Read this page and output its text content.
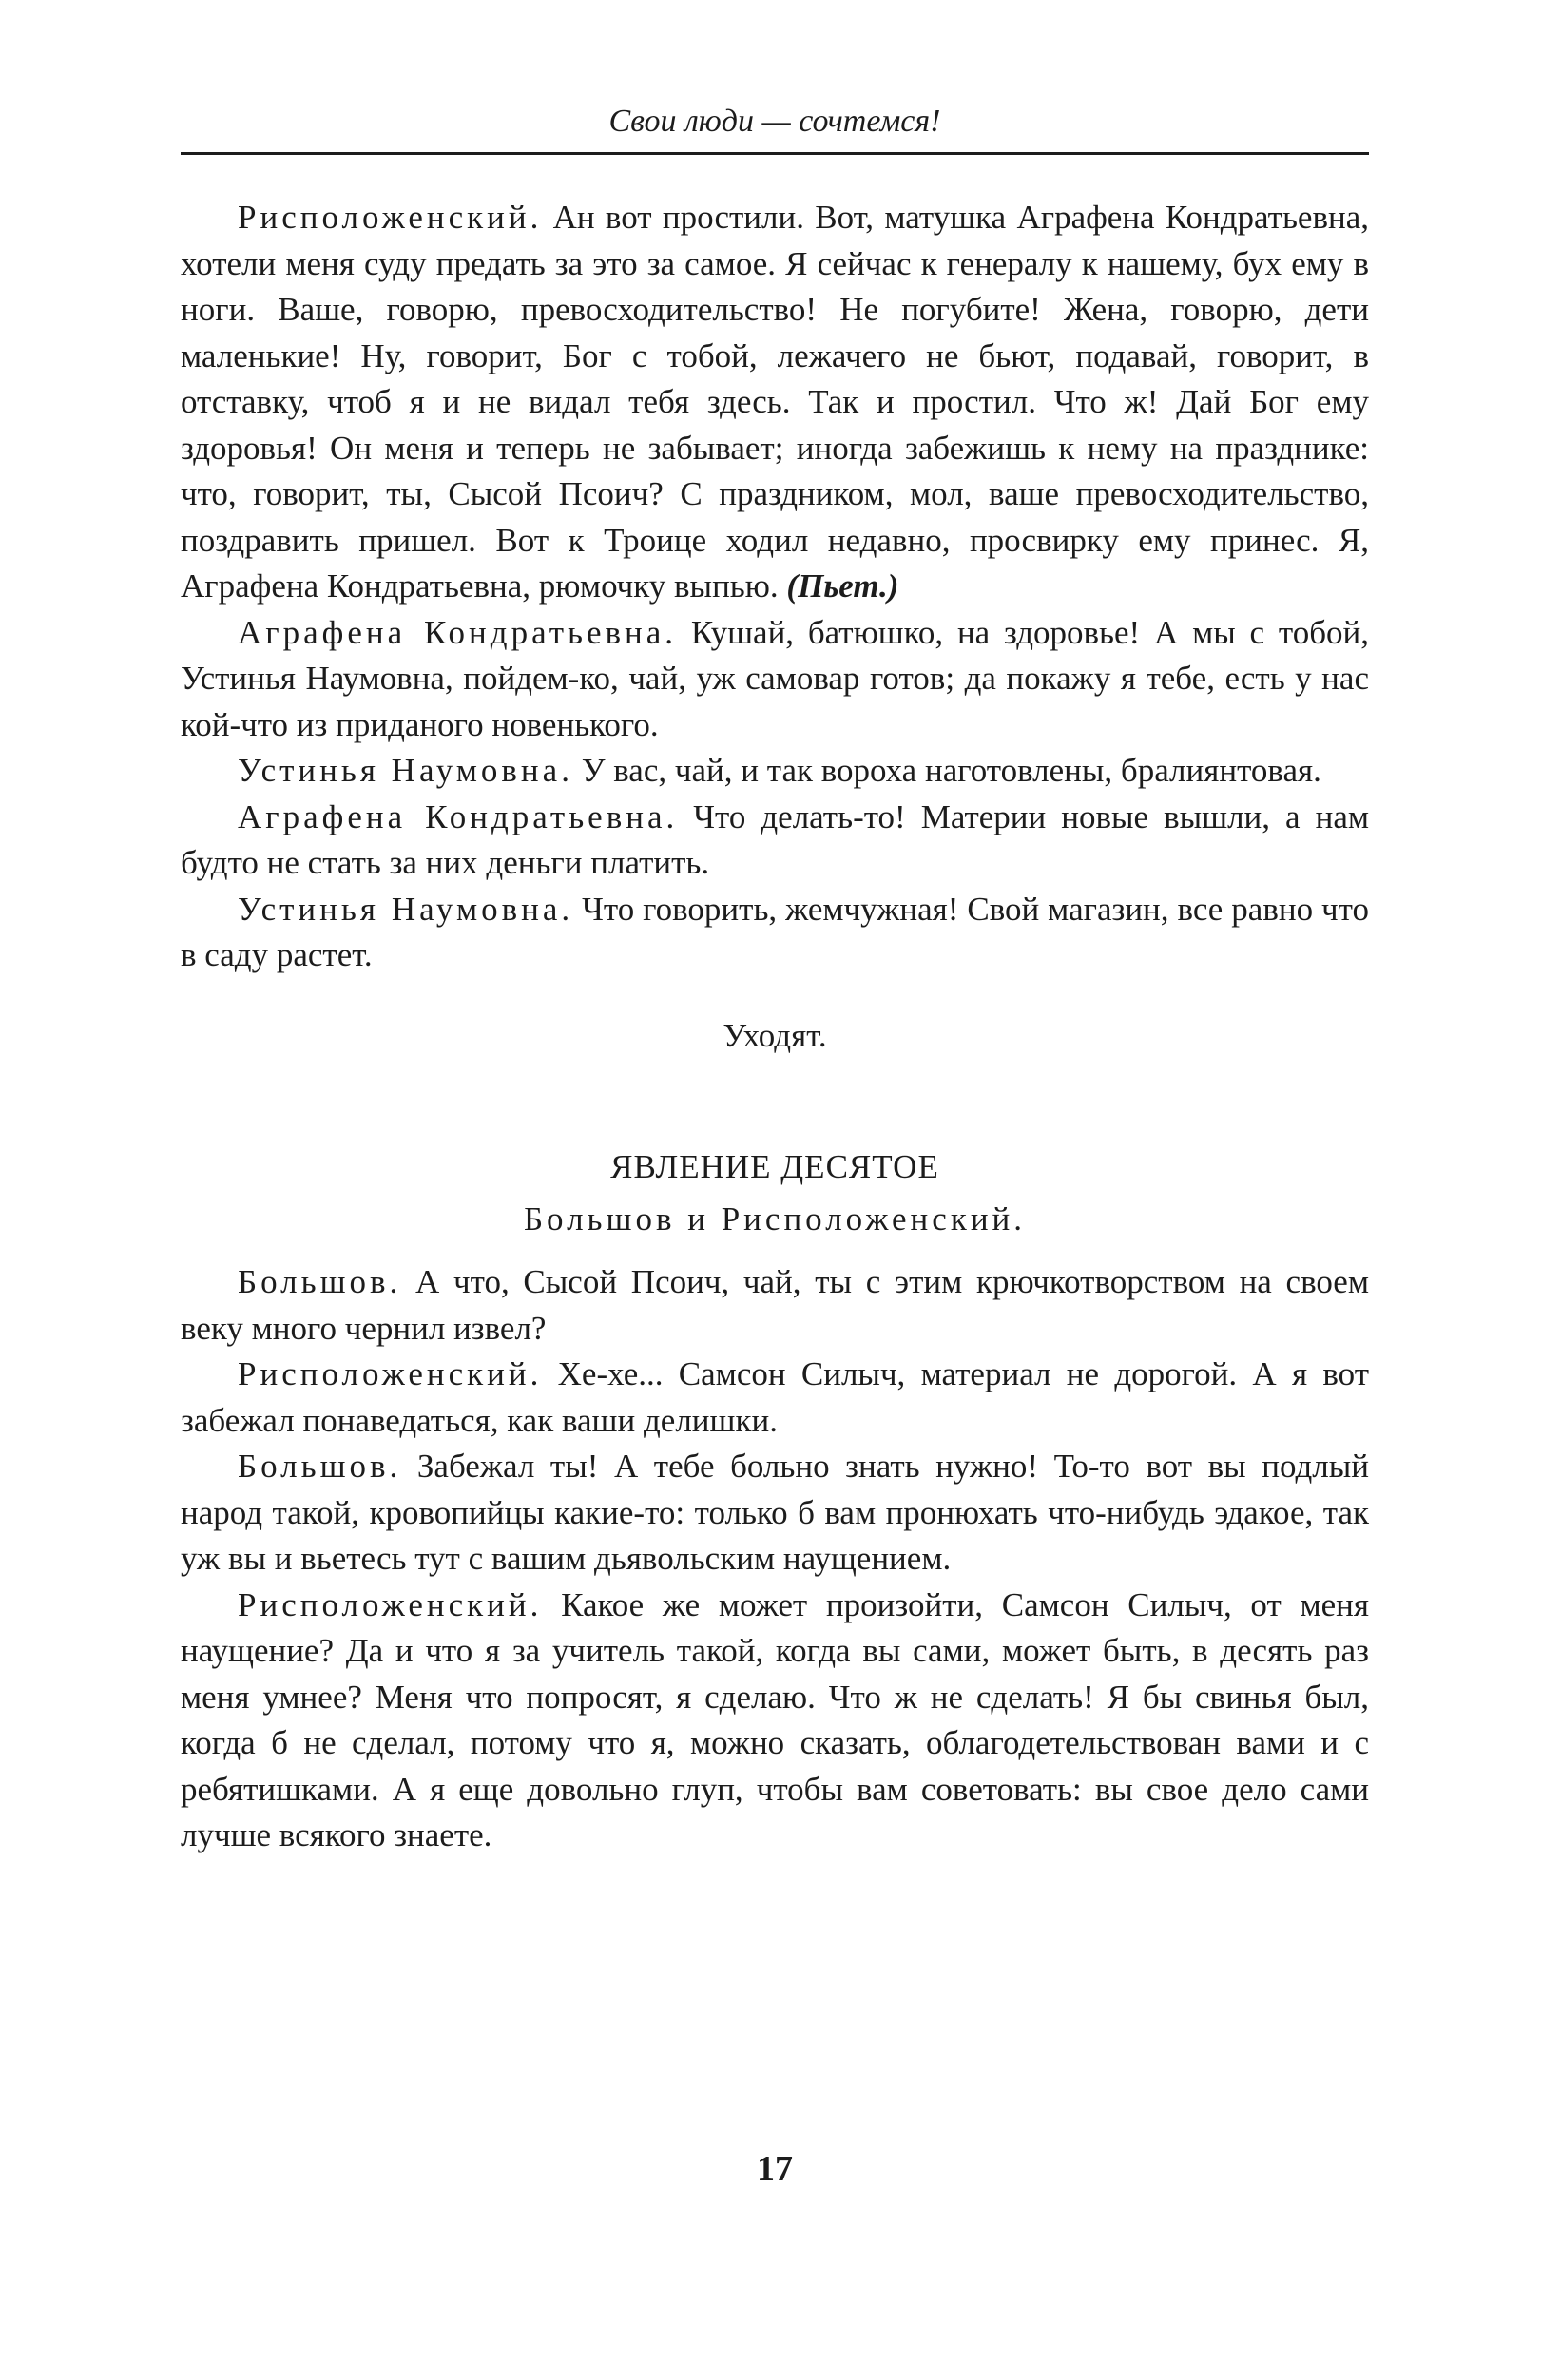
Свои люди — сочтемся!

Рисположенский. Ан вот простили. Вот, матушка Аграфена Кондратьевна, хотели меня суду предать за это за самое. Я сейчас к генералу к нашему, бух ему в ноги. Ваше, говорю, превосходительство! Не погубите! Жена, говорю, дети маленькие! Ну, говорит, Бог с тобой, лежачего не бьют, подавай, говорит, в отставку, чтоб я и не видал тебя здесь. Так и простил. Что ж! Дай Бог ему здоровья! Он меня и теперь не забывает; иногда забежишь к нему на празднике: что, говорит, ты, Сысой Псоич? С праздником, мол, ваше превосходительство, поздравить пришел. Вот к Троице ходил недавно, просвирку ему принес. Я, Аграфена Кондратьевна, рюмочку выпью. (Пьет.)

Аграфена Кондратьевна. Кушай, батюшко, на здоровье! А мы с тобой, Устинья Наумовна, пойдем-ко, чай, уж самовар готов; да покажу я тебе, есть у нас кой-что из приданого новенького.

Устинья Наумовна. У вас, чай, и так вороха наготовлены, бралиянтовая.

Аграфена Кондратьевна. Что делать-то! Материи новые вышли, а нам будто не стать за них деньги платить.

Устинья Наумовна. Что говорить, жемчужная! Свой магазин, все равно что в саду растет.

Уходят.

ЯВЛЕНИЕ ДЕСЯТОЕ

Большов и Рисположенский.

Большов. А что, Сысой Псоич, чай, ты с этим крючкотворством на своем веку много чернил извел?

Рисположенский. Хе-хе... Самсон Силыч, материал не дорогой. А я вот забежал понаведаться, как ваши делишки.

Большов. Забежал ты! А тебе больно знать нужно! То-то вот вы подлый народ такой, кровопийцы какие-то: только б вам пронюхать что-нибудь эдакое, так уж вы и вьетесь тут с вашим дьявольским наущением.

Рисположенский. Какое же может произойти, Самсон Силыч, от меня наущение? Да и что я за учитель такой, когда вы сами, может быть, в десять раз меня умнее? Меня что попросят, я сделаю. Что ж не сделать! Я бы свинья был, когда б не сделал, потому что я, можно сказать, облагодетельствован вами и с ребятишками. А я еще довольно глуп, чтобы вам советовать: вы свое дело сами лучше всякого знаете.

17
